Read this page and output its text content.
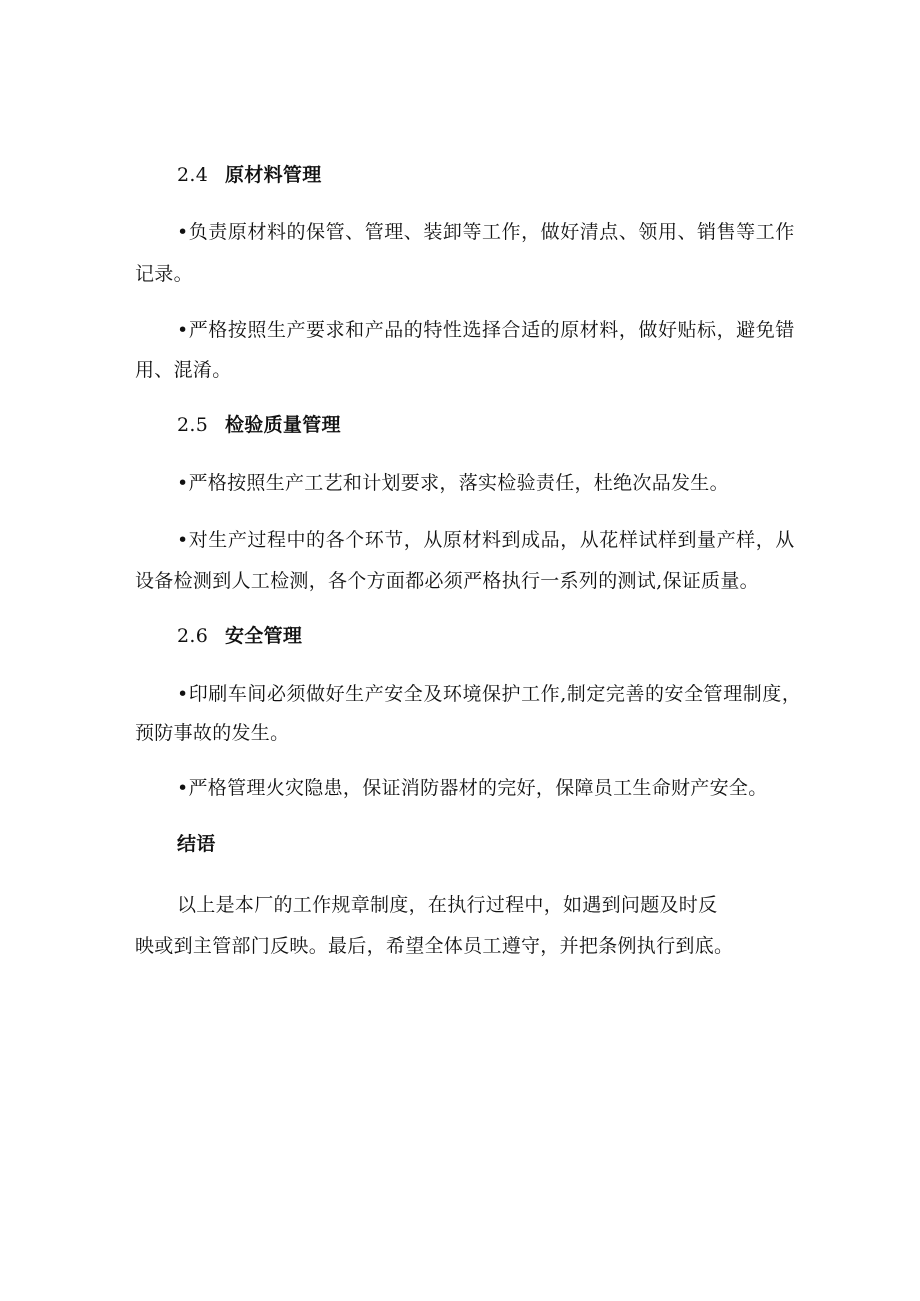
2.4 原材料管理
•负责原材料的保管、管理、装卸等工作，做好清点、领用、销售等工作
记录。
•严格按照生产要求和产品的特性选择合适的原材料，做好贴标，避免错
用、混淆。
2.5 检验质量管理
•严格按照生产工艺和计划要求，落实检验责任，杜绝次品发生。
•对生产过程中的各个环节，从原材料到成品，从花样试样到量产样，从
设备检测到人工检测，各个方面都必须严格执行一系列的测试,保证质量。
2.6 安全管理
•印刷车间必须做好生产安全及环境保护工作,制定完善的安全管理制度，
预防事故的发生。
•严格管理火灾隐患，保证消防器材的完好，保障员工生命财产安全。
结语
以上是本厂的工作规章制度，在执行过程中，如遇到问题及时反
映或到主管部门反映。最后，希望全体员工遵守，并把条例执行到底。
